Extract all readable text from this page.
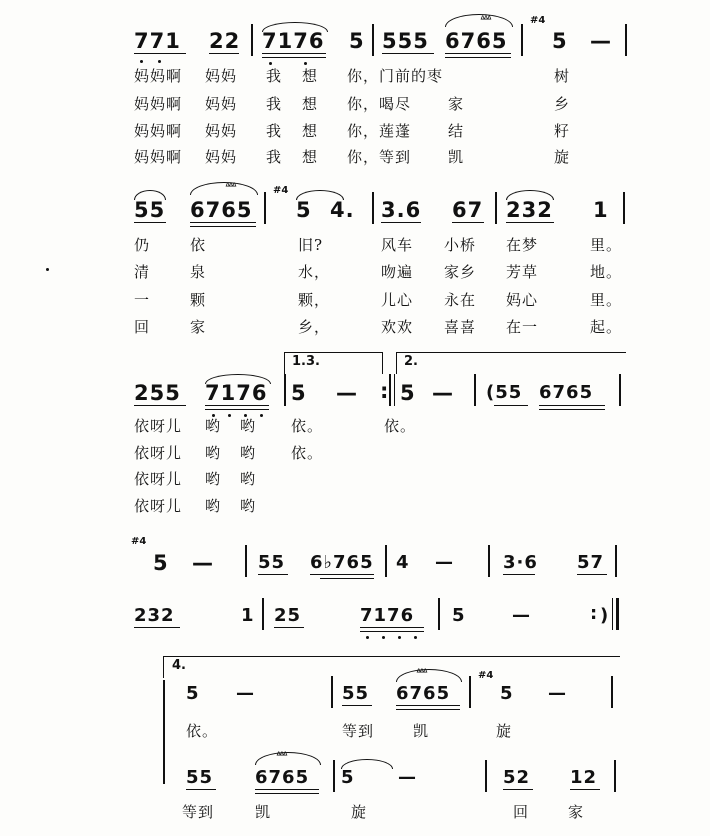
771 22 7176 5 555 6765
#4
5 —
ᐞᐞᐞ
妈妈啊 妈妈 我 想 你，门前的枣	树
妈妈啊 妈妈 我 想 你，喝尽 家	乡
妈妈啊 妈妈 我 想 你，莲蓬 结	籽
妈妈啊 妈妈 我 想 你，等到 凯	旋
55 6765
#4
5 4. 3.6 67 232 1
ᐞᐞᐞ
仍	依	旧?	风车 小桥 在梦	里。
清	泉	水，	吻遍 家乡 芳草	地。
一	颗	颗，	儿心 永在 妈心	里。
回	家	乡，	欢欢 喜喜 在一	起。
1.3.	2.
255 7176 5 — : 5 — (55 6765
依呀儿 哟 哟 依。	依。
依呀儿 哟 哟 依。
依呀儿 哟 哟
依呀儿 哟 哟
#4
5 — 55 6♭765 4 —	3·6 57
232	1 25	7176 5	—	: )
4.
5 —	55 6765
#4
5 —
ᐞᐞᐞ
依。	等到	凯	旋
55 6765 5 —	52 12
ᐞᐞᐞ
等到	凯	旋	回	家
